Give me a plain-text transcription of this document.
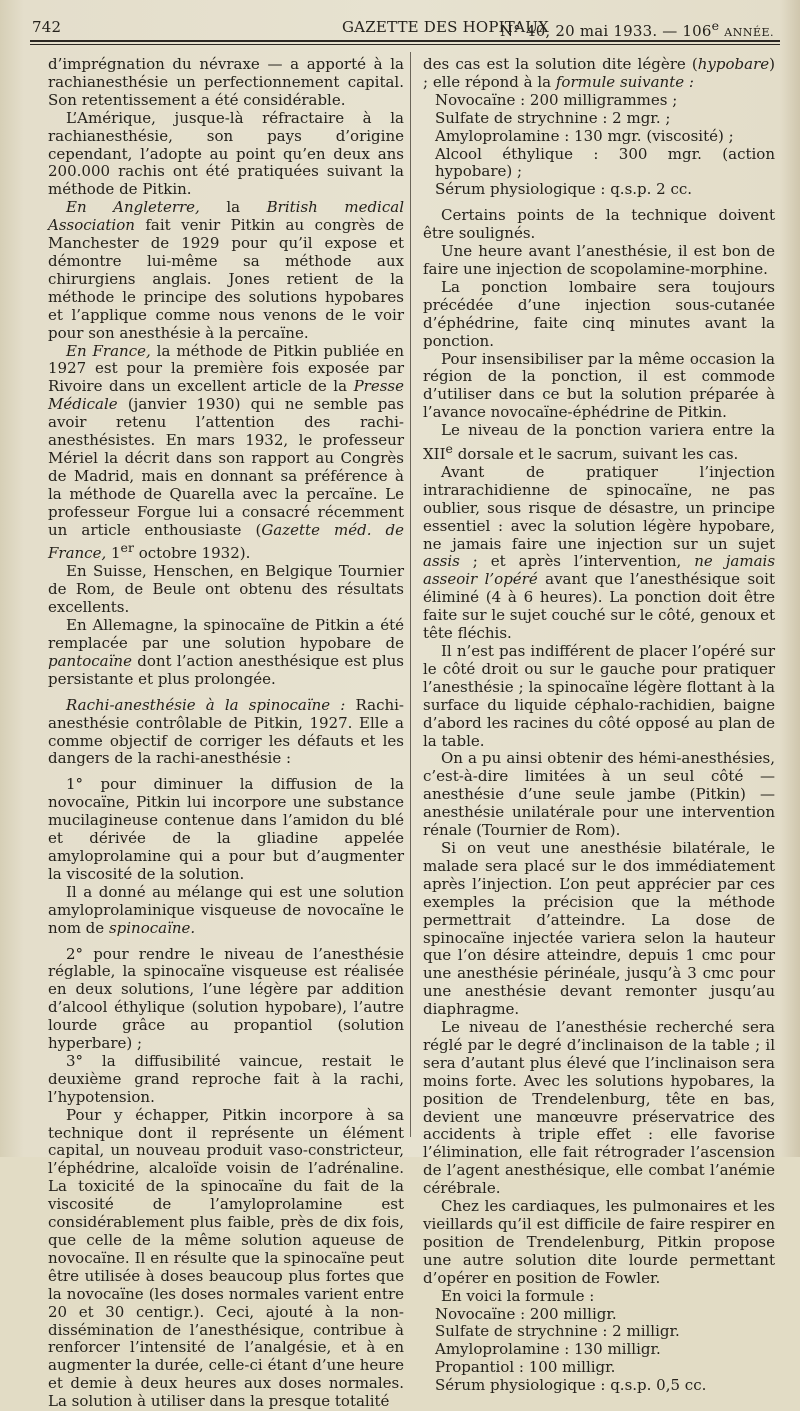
742	GAZETTE DES HOPITAUX
N° 40, 20 mai 1933. — 106e ANNÉE.

d’imprégnation du névraxe — a apporté à la rachianesthésie un perfectionnement capital. Son retentissement a été considérable.

L’Amérique, jusque-là réfractaire à la rachianesthésie, son pays d’origine cependant, l’adopte au point qu’en deux ans 200.000 rachis ont été pratiquées suivant la méthode de Pitkin.

En Angleterre, la British medical Association fait venir Pitkin au congrès de Manchester de 1929 pour qu’il expose et démontre lui-même sa méthode aux chirurgiens anglais. Jones retient de la méthode le principe des solutions hypobares et l’applique comme nous venons de le voir pour son anesthésie à la percaïne.

En France, la méthode de Pitkin publiée en 1927 est pour la première fois exposée par Rivoire dans un excellent article de la Presse Médicale (janvier 1930) qui ne semble pas avoir retenu l’attention des rachi-anesthésistes. En mars 1932, le professeur Mériel la décrit dans son rapport au Congrès de Madrid, mais en donnant sa préférence à la méthode de Quarella avec la percaïne. Le professeur Forgue lui a consacré récemment un article enthousiaste (Gazette méd. de France, 1er octobre 1932).

En Suisse, Henschen, en Belgique Tournier de Rom, de Beule ont obtenu des résultats excellents.

En Allemagne, la spinocaïne de Pitkin a été remplacée par une solution hypobare de pantocaïne dont l’action anesthésique est plus persistante et plus prolongée.

Rachi-anesthésie à la spinocaïne : Rachi-anesthésie contrôlable de Pitkin, 1927. Elle a comme objectif de corriger les défauts et les dangers de la rachi-anesthésie :

1° pour diminuer la diffusion de la novocaïne, Pitkin lui incorpore une substance mucilagineuse contenue dans l’amidon du blé et dérivée de la gliadine appelée amyloprolamine qui a pour but d’augmenter la viscosité de la solution.

Il a donné au mélange qui est une solution amyloprolaminique visqueuse de novocaïne le nom de spinocaïne.

2° pour rendre le niveau de l’anesthésie réglable, la spinocaïne visqueuse est réalisée en deux solutions, l’une légère par addition d’alcool éthylique (solution hypobare), l’autre lourde grâce au propantiol (solution hyperbare) ;

3° la diffusibilité vaincue, restait le deuxième grand reproche fait à la rachi, l’hypotension.

Pour y échapper, Pitkin incorpore à sa technique dont il représente un élément capital, un nouveau produit vaso-constricteur, l’éphédrine, alcaloïde voisin de l’adrénaline. La toxicité de la spinocaïne du fait de la viscosité de l’amyloprolamine est considérablement plus faible, près de dix fois, que celle de la même solution aqueuse de novocaïne. Il en résulte que la spinocaïne peut être utilisée à doses beaucoup plus fortes que la novocaïne (les doses normales varient entre 20 et 30 centigr.). Ceci, ajouté à la non-dissémination de l’anesthésique, contribue à renforcer l’intensité de l’analgésie, et à en augmenter la durée, celle-ci étant d’une heure et demie à deux heures aux doses normales. La solution à utiliser dans la presque totalité

des cas est la solution dite légère (hypobare) ; elle répond à la formule suivante :

Novocaïne : 200 milligrammes ;
Sulfate de strychnine : 2 mgr. ;
Amyloprolamine : 130 mgr. (viscosité) ;
Alcool éthylique : 300 mgr. (action hypobare) ;
Sérum physiologique : q.s.p. 2 cc.

Certains points de la technique doivent être soulignés.

Une heure avant l’anesthésie, il est bon de faire une injection de scopolamine-morphine.

La ponction lombaire sera toujours précédée d’une injection sous-cutanée d’éphédrine, faite cinq minutes avant la ponction.

Pour insensibiliser par la même occasion la région de la ponction, il est commode d’utiliser dans ce but la solution préparée à l’avance novocaïne-éphédrine de Pitkin.

Le niveau de la ponction variera entre la XIIe dorsale et le sacrum, suivant les cas.

Avant de pratiquer l’injection intrarachidienne de spinocaïne, ne pas oublier, sous risque de désastre, un principe essentiel : avec la solution légère hypobare, ne jamais faire une injection sur un sujet assis ; et après l’intervention, ne jamais asseoir l’opéré avant que l’anesthésique soit éliminé (4 à 6 heures). La ponction doit être faite sur le sujet couché sur le côté, genoux et tête fléchis.

Il n’est pas indifférent de placer l’opéré sur le côté droit ou sur le gauche pour pratiquer l’anesthésie ; la spinocaïne légère flottant à la surface du liquide céphalo-rachidien, baigne d’abord les racines du côté opposé au plan de la table.

On a pu ainsi obtenir des hémi-anesthésies, c’est-à-dire limitées à un seul côté — anesthésie d’une seule jambe (Pitkin) — anesthésie unilatérale pour une intervention rénale (Tournier de Rom).

Si on veut une anesthésie bilatérale, le malade sera placé sur le dos immédiatement après l’injection. L’on peut apprécier par ces exemples la précision que la méthode permettrait d’atteindre. La dose de spinocaïne injectée variera selon la hauteur que l’on désire atteindre, depuis 1 cmc pour une anesthésie périnéale, jusqu’à 3 cmc pour une anesthésie devant remonter jusqu’au diaphragme.

Le niveau de l’anesthésie recherché sera réglé par le degré d’inclinaison de la table ; il sera d’autant plus élevé que l’inclinaison sera moins forte. Avec les solutions hypobares, la position de Trendelenburg, tête en bas, devient une manœuvre préservatrice des accidents à triple effet : elle favorise l’élimination, elle fait rétrograder l’ascension de l’agent anesthésique, elle combat l’anémie cérébrale.

Chez les cardiaques, les pulmonaires et les vieillards qu’il est difficile de faire respirer en position de Trendelenburg, Pitkin propose une autre solution dite lourde permettant d’opérer en position de Fowler.

En voici la formule :

Novocaïne : 200 milligr.
Sulfate de strychnine : 2 milligr.
Amyloprolamine : 130 milligr.
Propantiol : 100 milligr.
Sérum physiologique : q.s.p. 0,5 cc.
